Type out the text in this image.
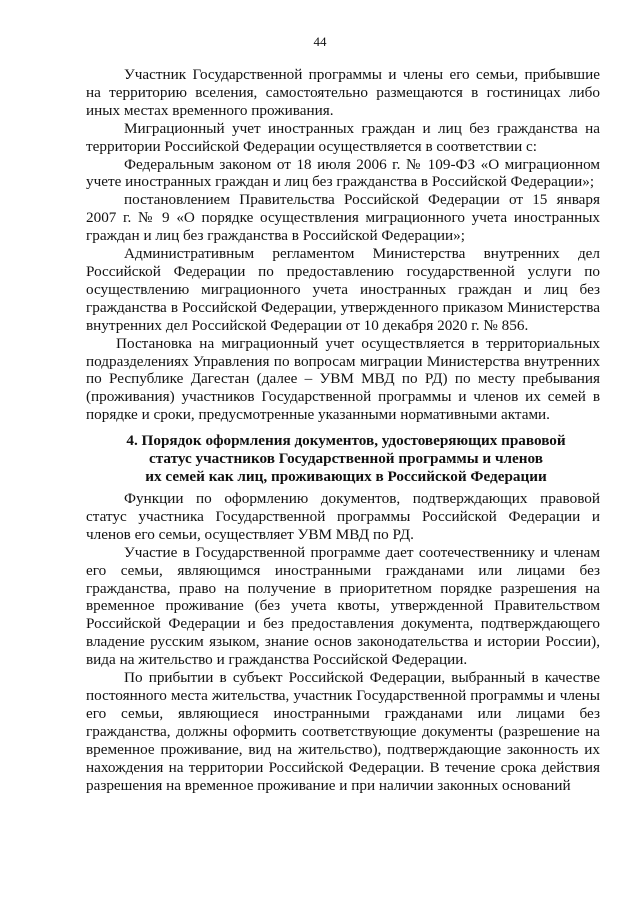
44

Участник Государственной программы и члены его семьи, прибывшие на территорию вселения, самостоятельно размещаются в гостиницах либо иных местах временного проживания.

Миграционный учет иностранных граждан и лиц без гражданства на территории Российской Федерации осуществляется в соответствии с:

Федеральным законом от 18 июля 2006 г. № 109-ФЗ «О миграционном учете иностранных граждан и лиц без гражданства в Российской Федерации»;

постановлением Правительства Российской Федерации от 15 января 2007 г. № 9 «О порядке осуществления миграционного учета иностранных граждан и лиц без гражданства в Российской Федерации»;

Административным регламентом Министерства внутренних дел Российской Федерации по предоставлению государственной услуги по осуществлению миграционного учета иностранных граждан и лиц без гражданства в Российской Федерации, утвержденного приказом Министерства внутренних дел Российской Федерации от 10 декабря 2020 г. № 856.

Постановка на миграционный учет осуществляется в территориальных подразделениях Управления по вопросам миграции Министерства внутренних по Республике Дагестан (далее – УВМ МВД по РД) по месту пребывания (проживания) участников Государственной программы и членов их семей в порядке и сроки, предусмотренные указанными нормативными актами.

4. Порядок оформления документов, удостоверяющих правовой
статус участников Государственной программы и членов
их семей как лиц, проживающих в Российской Федерации

Функции по оформлению документов, подтверждающих правовой статус участника Государственной программы Российской Федерации и членов его семьи, осуществляет УВМ МВД по РД.

Участие в Государственной программе дает соотечественнику и членам его семьи, являющимся иностранными гражданами или лицами без гражданства, право на получение в приоритетном порядке разрешения на временное проживание (без учета квоты, утвержденной Правительством Российской Федерации и без предоставления документа, подтверждающего владение русским языком, знание основ законодательства и истории России), вида на жительство и гражданства Российской Федерации.

По прибытии в субъект Российской Федерации, выбранный в качестве постоянного места жительства, участник Государственной программы и члены его семьи, являющиеся иностранными гражданами или лицами без гражданства, должны оформить соответствующие документы (разрешение на временное проживание, вид на жительство), подтверждающие законность их нахождения на территории Российской Федерации. В течение срока действия разрешения на временное проживание и при наличии законных оснований
